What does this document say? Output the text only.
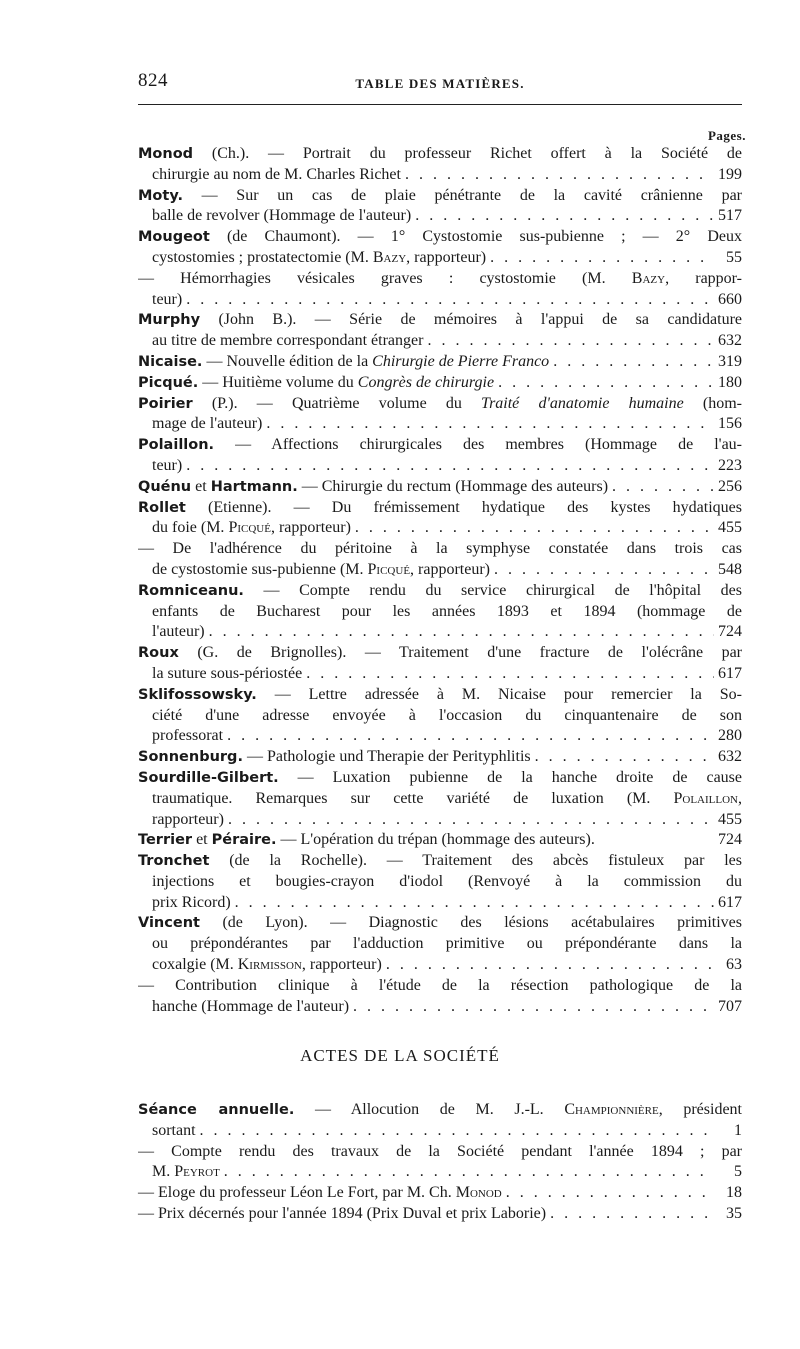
824	TABLE DES MATIÈRES.
Pages.
Monod (Ch.). — Portrait du professeur Richet offert à la Société de
chirurgie au nom de M. Charles Richet . . .	199
Moty. — Sur un cas de plaie pénétrante de la cavité crânienne par
balle de revolver (Hommage de l'auteur) . . .	517
Mougeot (de Chaumont). — 1° Cystostomie sus-pubienne ; — 2° Deux
cystostomies ; prostatectomie (M. Bazy, rapporteur) . . .	55
— Hémorrhagies vésicales graves : cystostomie (M. Bazy, rappor-
teur) . . .	660
Murphy (John B.). — Série de mémoires à l'appui de sa candidature
au titre de membre correspondant étranger . . .	632
Nicaise. — Nouvelle édition de la Chirurgie de Pierre Franco . . .	319
Picqué. — Huitième volume du Congrès de chirurgie . . .	180
Poirier (P.). — Quatrième volume du Traité d'anatomie humaine (hom-
mage de l'auteur) . . .	156
Polaillon. — Affections chirurgicales des membres (Hommage de l'au-
teur) . . .	223
Quénu et Hartmann. — Chirurgie du rectum (Hommage des auteurs) . . .	256
Rollet (Etienne). — Du frémissement hydatique des kystes hydatiques
du foie (M. Picqué, rapporteur) . . .	455
— De l'adhérence du péritoine à la symphyse constatée dans trois cas
de cystostomie sus-pubienne (M. Picqué, rapporteur) . . .	548
Romniceanu. — Compte rendu du service chirurgical de l'hôpital des
enfants de Bucharest pour les années 1893 et 1894 (hommage de
l'auteur) . . .	724
Roux (G. de Brignolles). — Traitement d'une fracture de l'olécrâne par
la suture sous-périostée . . .	617
Sklifossowsky. — Lettre adressée à M. Nicaise pour remercier la So-
ciété d'une adresse envoyée à l'occasion du cinquantenaire de son
professorat . . .	280
Sonnenburg. — Pathologie und Therapie der Perityphlitis . . .	632
Sourdille-Gilbert. — Luxation pubienne de la hanche droite de cause
traumatique. Remarques sur cette variété de luxation (M. Polaillon,
rapporteur) . . .	455
Terrier et Péraire. — L'opération du trépan (hommage des auteurs).	724
Tronchet (de la Rochelle). — Traitement des abcès fistuleux par les
injections et bougies-crayon d'iodol (Renvoyé à la commission du
prix Ricord) . . .	617
Vincent (de Lyon). — Diagnostic des lésions acétabulaires primitives
ou prépondérantes par l'adduction primitive ou prépondérante dans la
coxalgie (M. Kirmisson, rapporteur) . . .	63
— Contribution clinique à l'étude de la résection pathologique de la
hanche (Hommage de l'auteur) . . .	707
ACTES DE LA SOCIÉTÉ
Séance annuelle. — Allocution de M. J.-L. Championnière, président
sortant . . .	1
— Compte rendu des travaux de la Société pendant l'année 1894 ; par
M. Peyrot . . .	5
— Eloge du professeur Léon Le Fort, par M. Ch. Monod . . .	18
— Prix décernés pour l'année 1894 (Prix Duval et prix Laborie) . . .	35
